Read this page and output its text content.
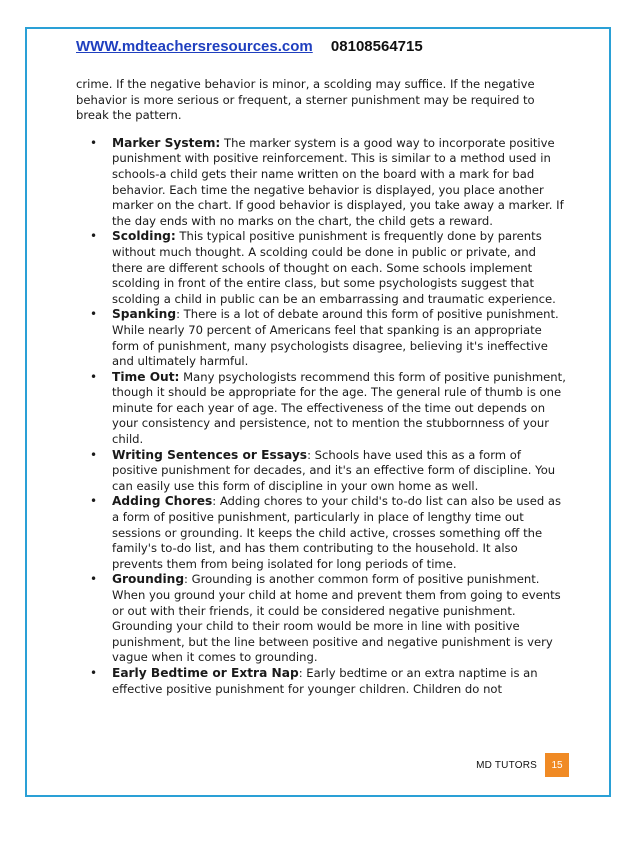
WWW.mdteachersresources.com 08108564715

crime. If the negative behavior is minor, a scolding may suffice. If the negative behavior is more serious or frequent, a sterner punishment may be required to break the pattern.

• Marker System: The marker system is a good way to incorporate positive punishment with positive reinforcement. This is similar to a method used in schools-a child gets their name written on the board with a mark for bad behavior. Each time the negative behavior is displayed, you place another marker on the chart. If good behavior is displayed, you take away a marker. If the day ends with no marks on the chart, the child gets a reward.
• Scolding: This typical positive punishment is frequently done by parents without much thought. A scolding could be done in public or private, and there are different schools of thought on each. Some schools implement scolding in front of the entire class, but some psychologists suggest that scolding a child in public can be an embarrassing and traumatic experience.
• Spanking: There is a lot of debate around this form of positive punishment. While nearly 70 percent of Americans feel that spanking is an appropriate form of punishment, many psychologists disagree, believing it's ineffective and ultimately harmful.
• Time Out: Many psychologists recommend this form of positive punishment, though it should be appropriate for the age. The general rule of thumb is one minute for each year of age. The effectiveness of the time out depends on your consistency and persistence, not to mention the stubbornness of your child.
• Writing Sentences or Essays: Schools have used this as a form of positive punishment for decades, and it's an effective form of discipline. You can easily use this form of discipline in your own home as well.
• Adding Chores: Adding chores to your child's to-do list can also be used as a form of positive punishment, particularly in place of lengthy time out sessions or grounding. It keeps the child active, crosses something off the family's to-do list, and has them contributing to the household. It also prevents them from being isolated for long periods of time.
• Grounding: Grounding is another common form of positive punishment. When you ground your child at home and prevent them from going to events or out with their friends, it could be considered negative punishment. Grounding your child to their room would be more in line with positive punishment, but the line between positive and negative punishment is very vague when it comes to grounding.
• Early Bedtime or Extra Nap: Early bedtime or an extra naptime is an effective positive punishment for younger children. Children do not
MD TUTORS	15
